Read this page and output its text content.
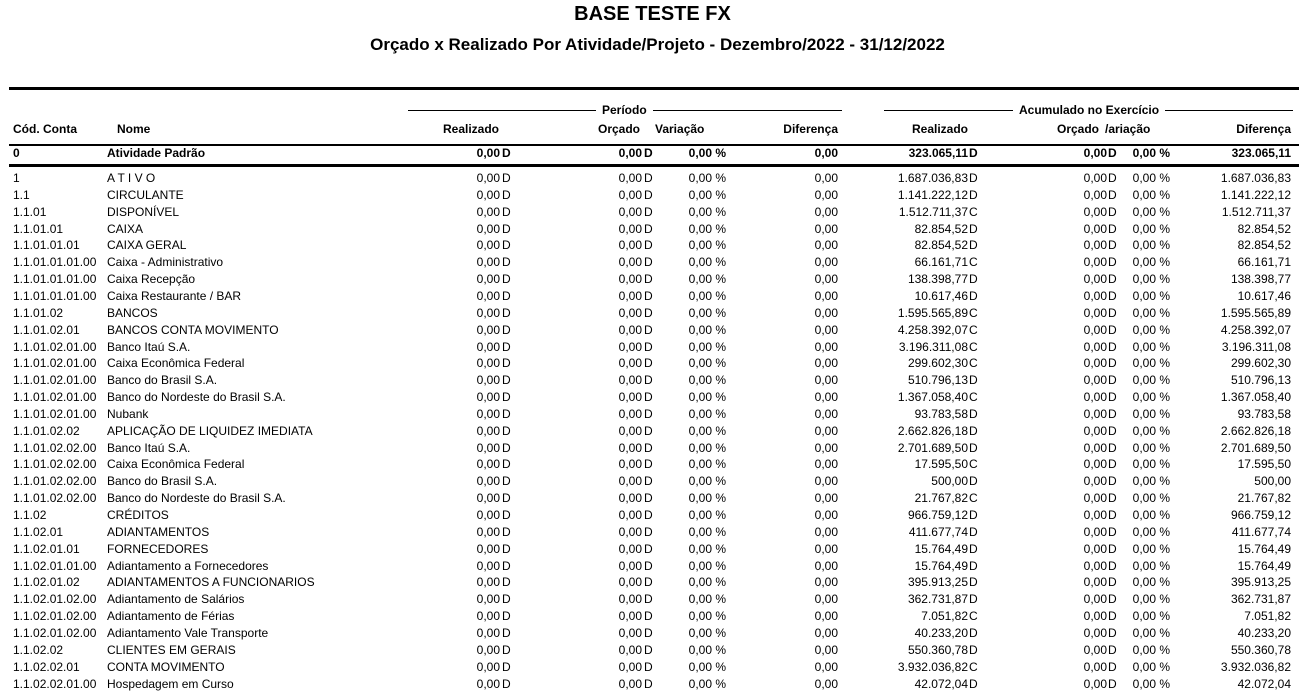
BASE TESTE FX
Orçado x Realizado Por Atividade/Projeto - Dezembro/2022 - 31/12/2022
Período	Acumulado no Exercício
Cód. Conta	Nome	Realizado	Orçado Variação	Diferença	Realizado	Orçado /ariação	Diferença
0	Atividade Padrão	0,00 D	0,00 D	0,00 %	0,00	323.065,11 D	0,00 D	0,00 %	323.065,11
1	A T I V O	0,00 D	0,00 D	0,00 %	0,00	1.687.036,83 D	0,00 D	0,00 %	1.687.036,83
1.1	CIRCULANTE	0,00 D	0,00 D	0,00 %	0,00	1.141.222,12 D	0,00 D	0,00 %	1.141.222,12
1.1.01	DISPONÍVEL	0,00 D	0,00 D	0,00 %	0,00	1.512.711,37 C	0,00 D	0,00 %	1.512.711,37
1.1.01.01	CAIXA	0,00 D	0,00 D	0,00 %	0,00	82.854,52 D	0,00 D	0,00 %	82.854,52
1.1.01.01.01	CAIXA GERAL	0,00 D	0,00 D	0,00 %	0,00	82.854,52 D	0,00 D	0,00 %	82.854,52
1.1.01.01.01.00 Caixa - Administrativo	0,00 D	0,00 D	0,00 %	0,00	66.161,71 C	0,00 D	0,00 %	66.161,71
1.1.01.01.01.00 Caixa Recepção	0,00 D	0,00 D	0,00 %	0,00	138.398,77 D	0,00 D	0,00 %	138.398,77
1.1.01.01.01.00 Caixa Restaurante / BAR	0,00 D	0,00 D	0,00 %	0,00	10.617,46 D	0,00 D	0,00 %	10.617,46
1.1.01.02	BANCOS	0,00 D	0,00 D	0,00 %	0,00	1.595.565,89 C	0,00 D	0,00 %	1.595.565,89
1.1.01.02.01	BANCOS CONTA MOVIMENTO	0,00 D	0,00 D	0,00 %	0,00	4.258.392,07 C	0,00 D	0,00 %	4.258.392,07
1.1.01.02.01.00 Banco Itaú S.A.	0,00 D	0,00 D	0,00 %	0,00	3.196.311,08 C	0,00 D	0,00 %	3.196.311,08
1.1.01.02.01.00 Caixa Econômica Federal	0,00 D	0,00 D	0,00 %	0,00	299.602,30 C	0,00 D	0,00 %	299.602,30
1.1.01.02.01.00 Banco do Brasil S.A.	0,00 D	0,00 D	0,00 %	0,00	510.796,13 D	0,00 D	0,00 %	510.796,13
1.1.01.02.01.00 Banco do Nordeste do Brasil S.A.	0,00 D	0,00 D	0,00 %	0,00	1.367.058,40 C	0,00 D	0,00 %	1.367.058,40
1.1.01.02.01.00 Nubank	0,00 D	0,00 D	0,00 %	0,00	93.783,58 D	0,00 D	0,00 %	93.783,58
1.1.01.02.02	APLICAÇÃO DE LIQUIDEZ IMEDIATA	0,00 D	0,00 D	0,00 %	0,00	2.662.826,18 D	0,00 D	0,00 %	2.662.826,18
1.1.01.02.02.00 Banco Itaú S.A.	0,00 D	0,00 D	0,00 %	0,00	2.701.689,50 D	0,00 D	0,00 %	2.701.689,50
1.1.01.02.02.00 Caixa Econômica Federal	0,00 D	0,00 D	0,00 %	0,00	17.595,50 C	0,00 D	0,00 %	17.595,50
1.1.01.02.02.00 Banco do Brasil S.A.	0,00 D	0,00 D	0,00 %	0,00	500,00 D	0,00 D	0,00 %	500,00
1.1.01.02.02.00 Banco do Nordeste do Brasil S.A.	0,00 D	0,00 D	0,00 %	0,00	21.767,82 C	0,00 D	0,00 %	21.767,82
1.1.02	CRÉDITOS	0,00 D	0,00 D	0,00 %	0,00	966.759,12 D	0,00 D	0,00 %	966.759,12
1.1.02.01	ADIANTAMENTOS	0,00 D	0,00 D	0,00 %	0,00	411.677,74 D	0,00 D	0,00 %	411.677,74
1.1.02.01.01	FORNECEDORES	0,00 D	0,00 D	0,00 %	0,00	15.764,49 D	0,00 D	0,00 %	15.764,49
1.1.02.01.01.00 Adiantamento a Fornecedores	0,00 D	0,00 D	0,00 %	0,00	15.764,49 D	0,00 D	0,00 %	15.764,49
1.1.02.01.02	ADIANTAMENTOS A FUNCIONARIOS	0,00 D	0,00 D	0,00 %	0,00	395.913,25 D	0,00 D	0,00 %	395.913,25
1.1.02.01.02.00 Adiantamento de Salários	0,00 D	0,00 D	0,00 %	0,00	362.731,87 D	0,00 D	0,00 %	362.731,87
1.1.02.01.02.00 Adiantamento de Férias	0,00 D	0,00 D	0,00 %	0,00	7.051,82 C	0,00 D	0,00 %	7.051,82
1.1.02.01.02.00 Adiantamento Vale Transporte	0,00 D	0,00 D	0,00 %	0,00	40.233,20 D	0,00 D	0,00 %	40.233,20
1.1.02.02	CLIENTES EM GERAIS	0,00 D	0,00 D	0,00 %	0,00	550.360,78 D	0,00 D	0,00 %	550.360,78
1.1.02.02.01	CONTA MOVIMENTO	0,00 D	0,00 D	0,00 %	0,00	3.932.036,82 C	0,00 D	0,00 %	3.932.036,82
1.1.02.02.01.00 Hospedagem em Curso	0,00 D	0,00 D	0,00 %	0,00	42.072,04 D	0,00 D	0,00 %	42.072,04
